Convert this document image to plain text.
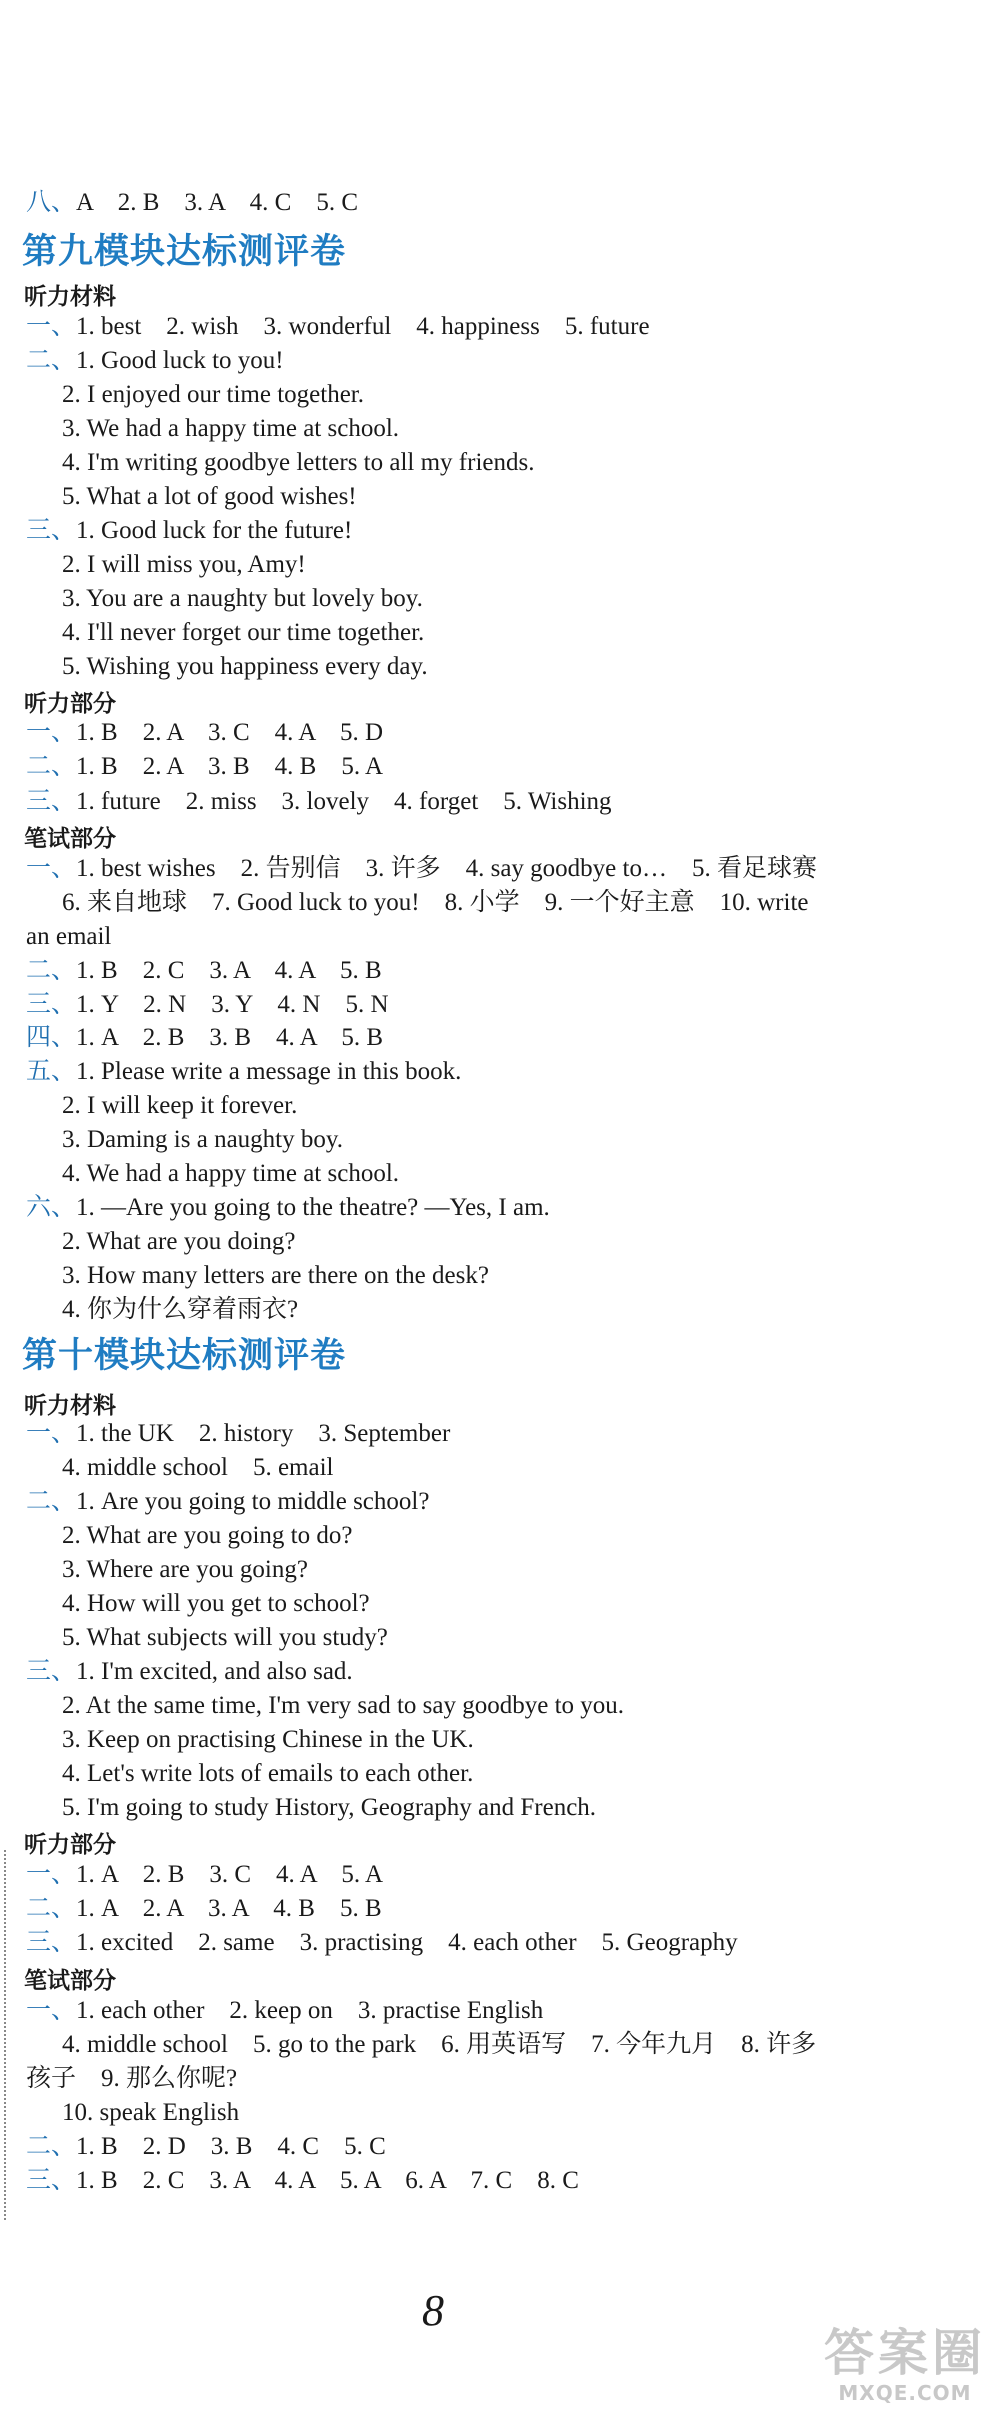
八、A　2. B　3. A　4. C　5. C
第九模块达标测评卷
听力材料
一、1. best　2. wish　3. wonderful　4. happiness　5. future
二、1. Good luck to you!
2. I enjoyed our time together.
3. We had a happy time at school.
4. I'm writing goodbye letters to all my friends.
5. What a lot of good wishes!
三、1. Good luck for the future!
2. I will miss you, Amy!
3. You are a naughty but lovely boy.
4. I'll never forget our time together.
5. Wishing you happiness every day.
听力部分
一、1. B　2. A　3. C　4. A　5. D
二、1. B　2. A　3. B　4. B　5. A
三、1. future　2. miss　3. lovely　4. forget　5. Wishing
笔试部分
一、1. best wishes　2. 告别信　3. 许多　4. say goodbye to…　5. 看足球赛
6. 来自地球　7. Good luck to you!　8. 小学　9. 一个好主意　10. write
an email
二、1. B　2. C　3. A　4. A　5. B
三、1. Y　2. N　3. Y　4. N　5. N
四、1. A　2. B　3. B　4. A　5. B
五、1. Please write a message in this book.
2. I will keep it forever.
3. Daming is a naughty boy.
4. We had a happy time at school.
六、1. —Are you going to the theatre? —Yes, I am.
2. What are you doing?
3. How many letters are there on the desk?
4. 你为什么穿着雨衣?
第十模块达标测评卷
听力材料
一、1. the UK　2. history　3. September
4. middle school　5. email
二、1. Are you going to middle school?
2. What are you going to do?
3. Where are you going?
4. How will you get to school?
5. What subjects will you study?
三、1. I'm excited, and also sad.
2. At the same time, I'm very sad to say goodbye to you.
3. Keep on practising Chinese in the UK.
4. Let's write lots of emails to each other.
5. I'm going to study History, Geography and French.
听力部分
一、1. A　2. B　3. C　4. A　5. A
二、1. A　2. A　3. A　4. B　5. B
三、1. excited　2. same　3. practising　4. each other　5. Geography
笔试部分
一、1. each other　2. keep on　3. practise English
4. middle school　5. go to the park　6. 用英语写　7. 今年九月　8. 许多
孩子　9. 那么你呢?
10. speak English
二、1. B　2. D　3. B　4. C　5. C
三、1. B　2. C　3. A　4. A　5. A　6. A　7. C　8. C
8
答案圈
MXQE.COM
